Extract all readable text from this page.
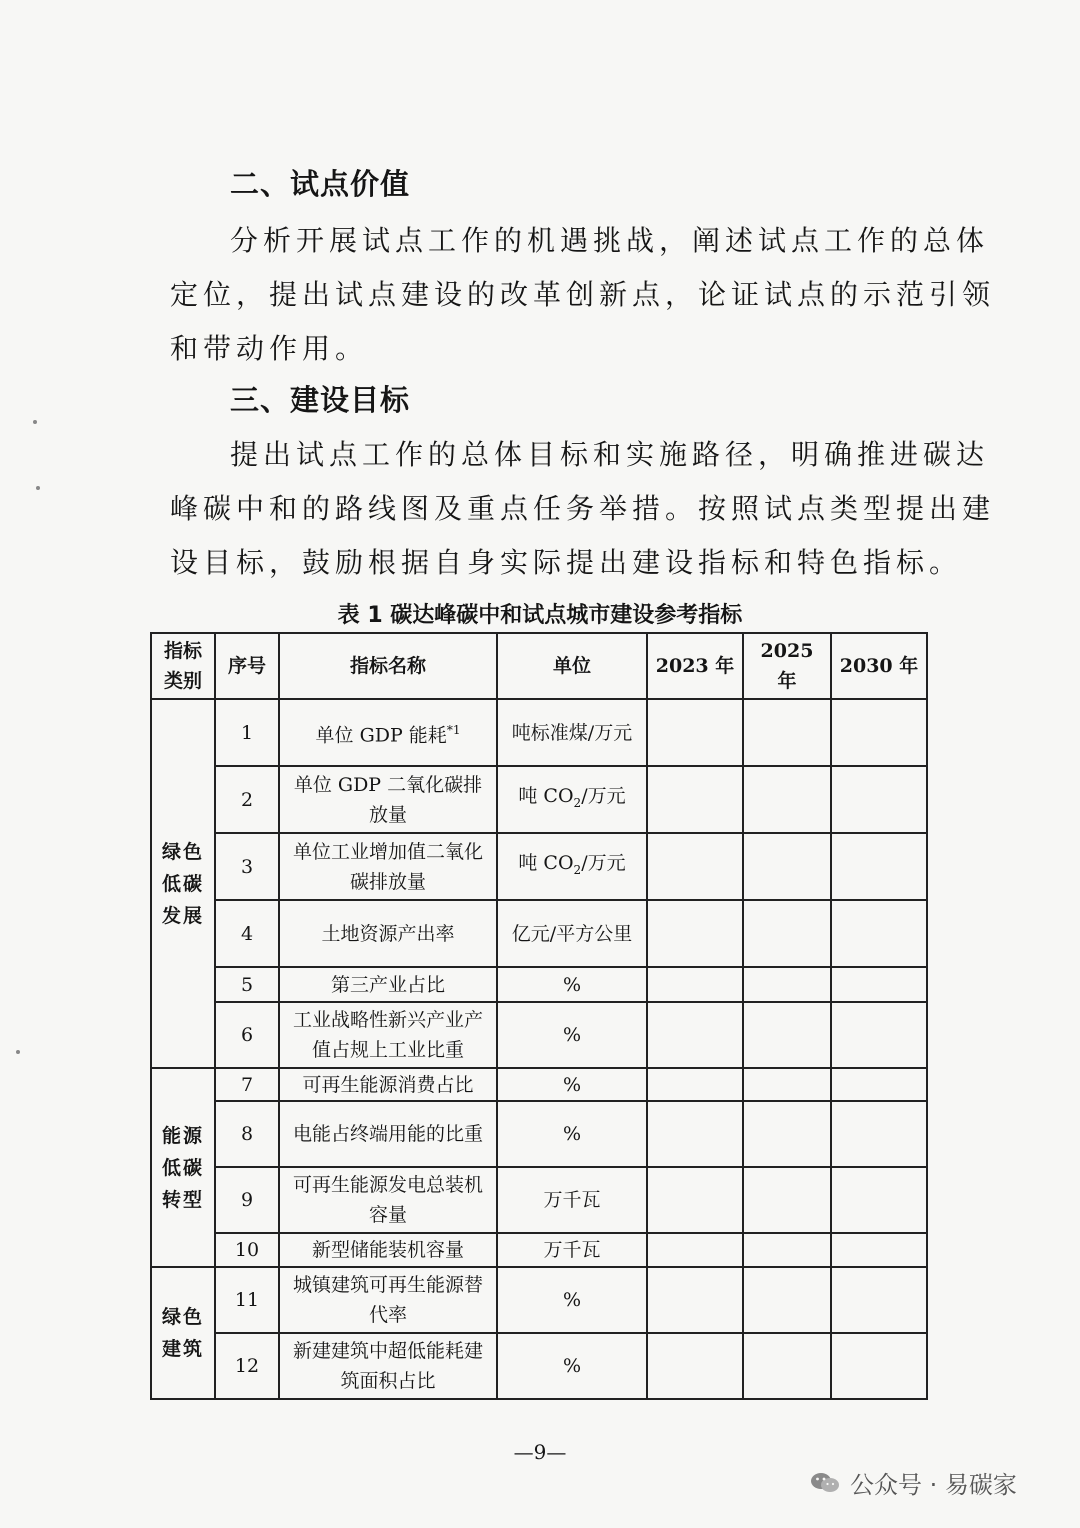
二、试点价值
分析开展试点工作的机遇挑战，阐述试点工作的总体
定位，提出试点建设的改革创新点，论证试点的示范引领
和带动作用。
三、建设目标
提出试点工作的总体目标和实施路径，明确推进碳达
峰碳中和的路线图及重点任务举措。按照试点类型提出建
设目标，鼓励根据自身实际提出建设指标和特色指标。
表 1 碳达峰碳中和试点城市建设参考指标
指标类别	序号	指标名称	单位	2023 年	2025 年	2030 年
绿色低碳发展	1	单位 GDP 能耗$^{*1}$	吨标准煤/万元			
	2	单位 GDP 二氧化碳排放量	吨 $CO_2/$万元			
	3	单位工业增加值二氧化碳排放量	吨 $CO_2/$万元			
	4	土地资源产出率	亿元/平方公里			
	5	第三产业占比	%			
	6	工业战略性新兴产业产值占规上工业比重	%			
能源低碳转型	7	可再生能源消费占比	%			
	8	电能占终端用能的比重	%			
	9	可再生能源发电总装机容量	万千瓦			
	10	新型储能装机容量	万千瓦			
绿色建筑	11	城镇建筑可再生能源替代率	%			
	12	新建建筑中超低能耗建筑面积占比	%			
—9—
公众号 · 易碳家
